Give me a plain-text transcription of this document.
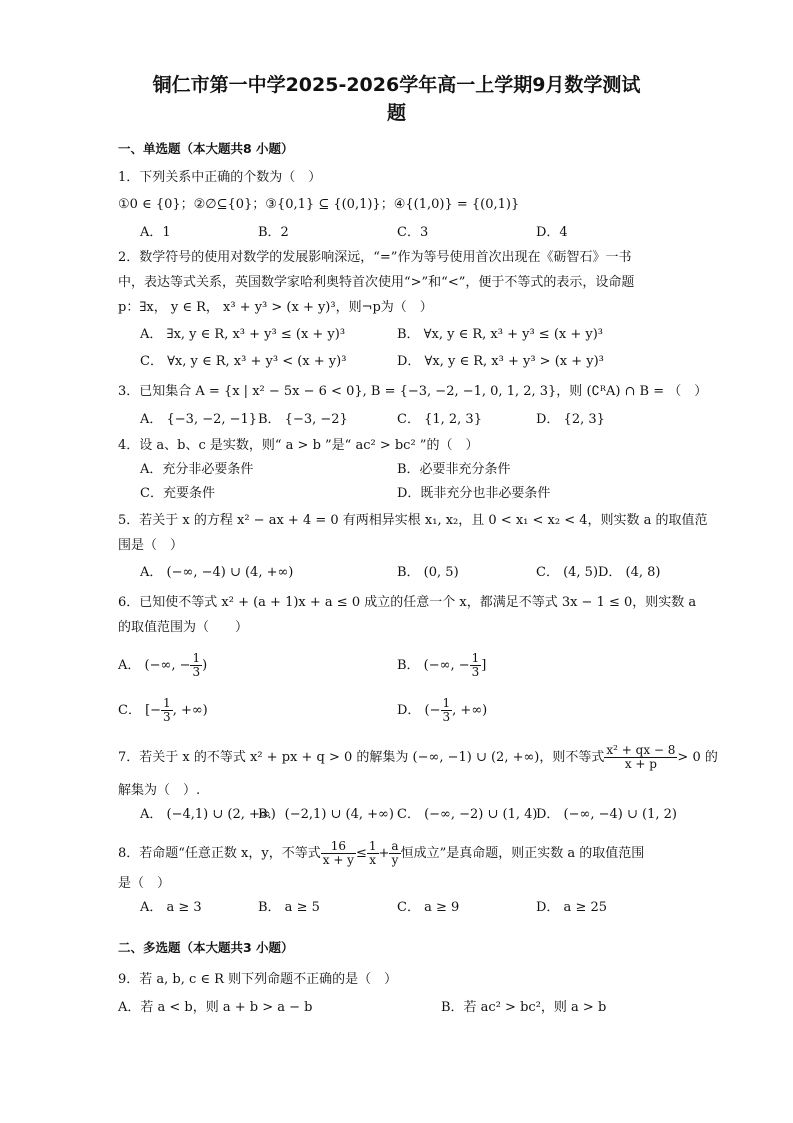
铜仁市第一中学2025-2026学年高一上学期9月数学测试
题
一、单选题（本大题共8 小题）
1．下列关系中正确的个数为（　）
①0 ∈ {0}；②∅⊆{0}；③{0,1} ⊆ {(0,1)}；④{(1,0)} = {(0,1)}
A．1	B．2	C．3	D．4
2．数学符号的使用对数学的发展影响深远，“=”作为等号使用首次出现在《砺智石》一书
中，表达等式关系，英国数学家哈利奥特首次使用“>”和“<”，便于不等式的表示，设命题
p：∃x， y ∈ R， x³ + y³ > (x + y)³，则¬p为（　）
A． ∃x, y ∈ R, x³ + y³ ≤ (x + y)³	B． ∀x, y ∈ R, x³ + y³ ≤ (x + y)³
C． ∀x, y ∈ R, x³ + y³ < (x + y)³	D． ∀x, y ∈ R, x³ + y³ > (x + y)³
3．已知集合 A = {x | x² − 5x − 6 < 0}, B = {−3, −2, −1, 0, 1, 2, 3}，则 (∁ᴿA) ∩ B = （　）
A． {−3, −2, −1} B． {−3, −2}	C． {1, 2, 3}	D． {2, 3}
4．设 a、b、c 是实数，则“ a > b ”是“ ac² > bc² ”的（　）
A．充分非必要条件	B．必要非充分条件
C．充要条件	D．既非充分也非必要条件
5．若关于 x 的方程 x² − ax + 4 = 0 有两相异实根 x₁, x₂，且 0 < x₁ < x₂ < 4，则实数 a 的取值范
围是（　）
A． (−∞, −4) ∪ (4, +∞)	B． (0, 5)	C． (4, 5) D． (4, 8)
6．已知使不等式 x² + (a + 1)x + a ≤ 0 成立的任意一个 x，都满足不等式 3x − 1 ≤ 0，则实数 a
的取值范围为（　　）
A． (−∞, − $\frac{1}{3}$ )	B． (−∞, − $\frac{1}{3}$ ]
C． [− $\frac{1}{3}$ , +∞)	D． (− $\frac{1}{3}$ , +∞)
7．若关于 x 的不等式 x² + px + q > 0 的解集为 (−∞, −1) ∪ (2, +∞)，则不等式 $\frac{\text{x² + qx − 8}}{x + p} > 0$ 的
解集为（　）.
A． (−4,1) ∪ (2, +∞)
B． (−2,1) ∪ (4, +∞) C． (−∞, −2) ∪ (1, 4)
D． (−∞, −4) ∪ (1, 2)
8．若命题“任意正数 x，y，不等式 $\frac{16}{x + y} \le \frac{1}{x} + \frac{a}{y}$ 恒成立”是真命题，则正实数 a 的取值范围
是（　）
A． a ≥ 3	B． a ≥ 5	C． a ≥ 9	D． a ≥ 25
二、多选题（本大题共3 小题）
9．若 a, b, c ∈ R 则下列命题不正确的是（　）
A．若 a < b，则 a + b > a − b	B．若 ac² > bc²，则 a > b
